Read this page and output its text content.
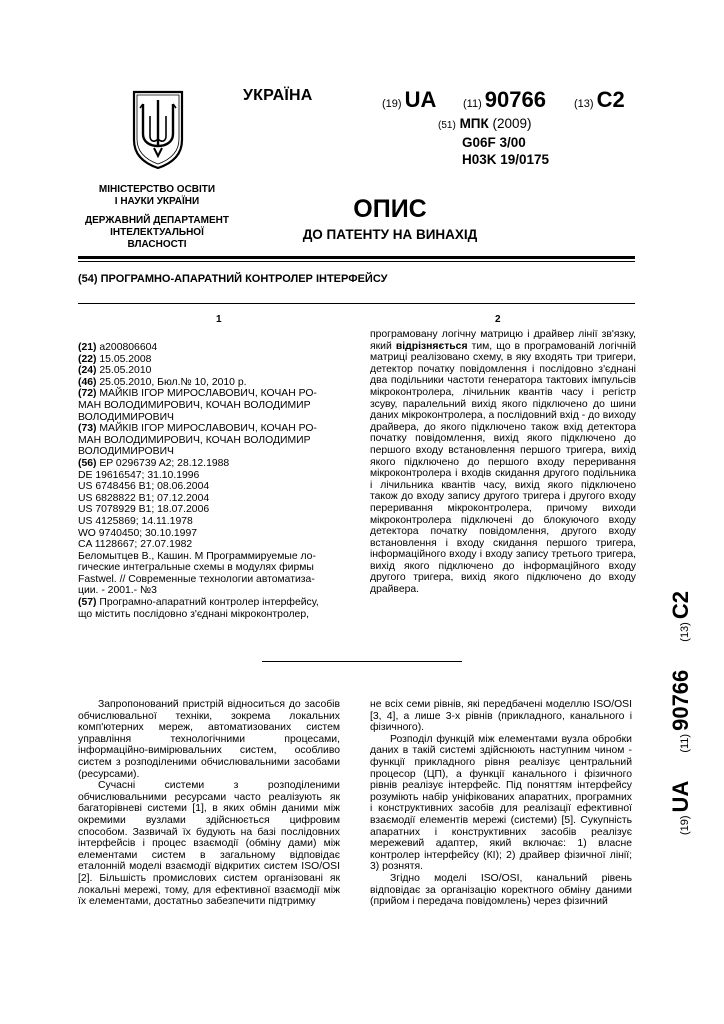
УКРАЇНА	(19) UA (11) 90766	(13) C2
(51) МПК (2009)
G06F 3/00
H03K 19/0175
МІНІСТЕРСТВО ОСВІТИ
І НАУКИ УКРАЇНИ
ДЕРЖАВНИЙ ДЕПАРТАМЕНТ
ІНТЕЛЕКТУАЛЬНОЇ
ВЛАСНОСТІ
ОПИС
ДО ПАТЕНТУ НА ВИНАХІД
(54) ПРОГРАМНО-АПАРАТНИЙ КОНТРОЛЕР ІНТЕРФЕЙСУ
1	2
(21) a200806604
(22) 15.05.2008
(24) 25.05.2010
(46) 25.05.2010, Бюл.№ 10, 2010 р.
(72) МАЙКІВ ІГОР МИРОСЛАВОВИЧ, КОЧАН РО-
МАН ВОЛОДИМИРОВИЧ, КОЧАН ВОЛОДИМИР
ВОЛОДИМИРОВИЧ
(73) МАЙКІВ ІГОР МИРОСЛАВОВИЧ, КОЧАН РО-
МАН ВОЛОДИМИРОВИЧ, КОЧАН ВОЛОДИМИР
ВОЛОДИМИРОВИЧ
(56) EP 0296739 A2; 28.12.1988
DE 19616547; 31.10.1996
US 6748456 B1; 08.06.2004
US 6828822 B1; 07.12.2004
US 7078929 B1; 18.07.2006
US 4125869; 14.11.1978
WO 9740450; 30.10.1997
CA 1128667; 27.07.1982
Беломытцев В., Кашин. М Программируемые ло-
гические интегральные схемы в модулях фирмы
Fastwel. // Современные технологии автоматиза-
ции. - 2001.- №3
(57) Програмно-апаратний контролер інтерфейсу,
що містить послідовно з'єднані мікроконтролер,
програмовану логічну матрицю і драйвер лінії зв'язку, який відрізняється тим, що в програмованій логічній матриці реалізовано схему, в яку входять три тригери, детектор початку повідомлення і послідовно з'єднані два подільники частоти генератора тактових імпульсів мікроконтролера, лічильник квантів часу і регістр зсуву, паралельний вихід якого підключено до шини даних мікроконтролера, а послідовний вхід - до виходу драйвера, до якого підключено також вхід детектора початку повідомлення, вихід якого підключено до першого входу встановлення першого тригера, вихід якого підключено до першого входу переривання мікроконтролера і входів скидання другого подільника і лічильника квантів часу, вихід якого підключено також до входу запису другого тригера і другого входу переривання мікроконтролера, причому виходи мікроконтролера підключені до блокуючого входу детектора початку повідомлення, другого входу встановлення і входу скидання першого тригера, інформаційного входу і входу запису третього тригера, вихід якого підключено до інформаційного входу другого тригера, вихід якого підключено до входу драйвера.

Запропонований пристрій відноситься до засобів обчислювальної техніки, зокрема локальних комп'ютерних мереж, автоматизованих систем управління технологічними процесами, інформаційно-вимірювальних систем, особливо систем з розподіленими обчислювальними засобами (ресурсами).

Сучасні системи з розподіленими обчислювальними ресурсами часто реалізують як багаторівневі системи [1], в яких обмін даними між окремими вузлами здійснюється цифровим способом. Зазвичай їх будують на базі послідовних інтерфейсів і процес взаємодії (обміну дами) між елементами систем в загальному відповідає еталонній моделі взаємодії відкритих систем ISO/OSI [2]. Більшість промислових систем організовані як локальні мережі, тому, для ефективної взаємодії між їх елементами, достатньо забезпечити підтримку

не всіх семи рівнів, які передбачені моделлю ISO/OSI [3, 4], а лише 3-х рівнів (прикладного, канального і фізичного).

Розподіл функцій між елементами вузла обробки даних в такій системі здійснюють наступним чином - функції прикладного рівня реалізує центральний процесор (ЦП), а функції канального і фізичного рівнів реалізує інтерфейс. Під поняттям інтерфейсу розуміють набір уніфікованих апаратних, програмних і конструктивних засобів для реалізації ефективної взаємодії елементів мережі (системи) [5]. Сукупність апаратних і конструктивних засобів реалізує мережевий адаптер, який включає: 1) власне контролер інтерфейсу (КІ); 2) драйвер фізичної лінії; 3) рознятя.

Згідно моделі ISO/OSI, канальний рівень відповідає за організацію коректного обміну даними (прийом і передача повідомлень) через фізичний

(19)UA(11)90766(13)C2
